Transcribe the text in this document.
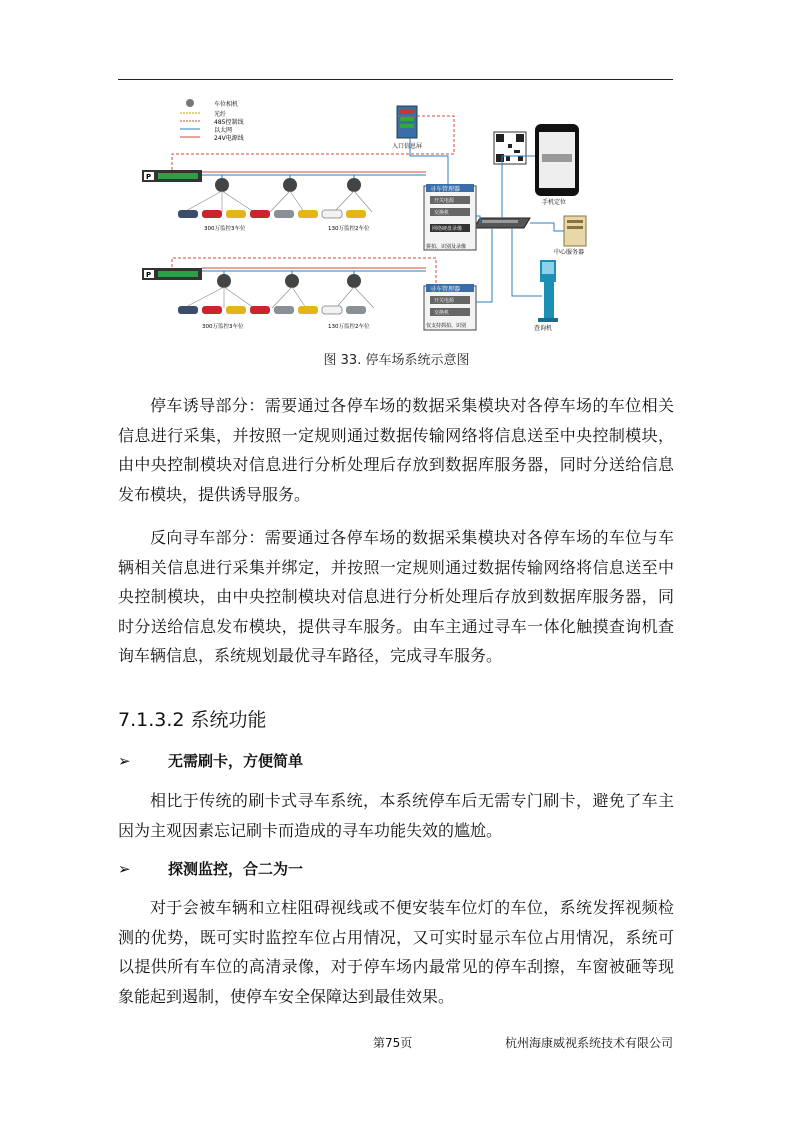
车位相机
光纤
485控制线
以太网
24V电源线
入口信息屏
手机定位
中心服务器
查询机
寻车管理器
开关电源
交换机
网络硬盘录像
拼拍、识别及录像
寻车管理器
开关电源
交换机
仅支持抓拍、识别
P
P
300万监控3车位	130万监控2车位
300万监控3车位	130万监控2车位
图 33. 停车场系统示意图

停车诱导部分：需要通过各停车场的数据采集模块对各停车场的车位相关信息进行采集，并按照一定规则通过数据传输网络将信息送至中央控制模块，由中央控制模块对信息进行分析处理后存放到数据库服务器，同时分送给信息发布模块，提供诱导服务。

反向寻车部分：需要通过各停车场的数据采集模块对各停车场的车位与车辆相关信息进行采集并绑定，并按照一定规则通过数据传输网络将信息送至中央控制模块，由中央控制模块对信息进行分析处理后存放到数据库服务器，同时分送给信息发布模块，提供寻车服务。由车主通过寻车一体化触摸查询机查询车辆信息，系统规划最优寻车路径，完成寻车服务。

7.1.3.2 系统功能

➢ 无需刷卡，方便简单

相比于传统的刷卡式寻车系统，本系统停车后无需专门刷卡，避免了车主因为主观因素忘记刷卡而造成的寻车功能失效的尴尬。

➢ 探测监控，合二为一

对于会被车辆和立柱阻碍视线或不便安装车位灯的车位，系统发挥视频检测的优势，既可实时监控车位占用情况，又可实时显示车位占用情况，系统可以提供所有车位的高清录像，对于停车场内最常见的停车刮擦，车窗被砸等现象能起到遏制，使停车安全保障达到最佳效果。

第75页	杭州海康威视系统技术有限公司
